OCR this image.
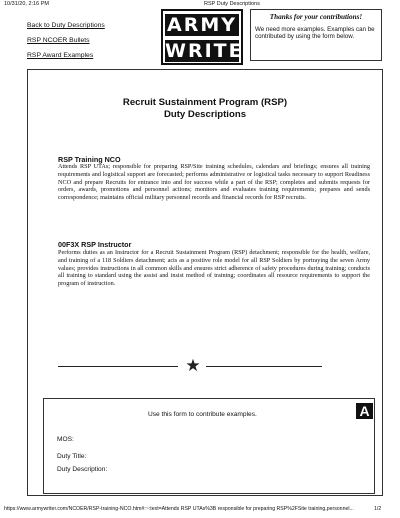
10/31/20, 2:16 PM	RSP Duty Descriptions
Back to Duty Descriptions
RSP NCOER Bullets
RSP Award Examples
ARMY
WRITER
Thanks for your contributions!
We need more examples. Examples can be contributed by using the form below.
Recruit Sustainment Program (RSP)
Duty Descriptions
RSP Training NCO

Attends RSP UTAs; responsible for preparing RSP/Site training schedules, calendars and briefings; ensures all training requirements and logistical support are forecasted; performs administrative or logistical tasks necessary to support Readiness NCO and prepare Recruits for entrance into and for success while a part of the RSP; completes and submits requests for orders, awards, promotions and personnel actions; monitors and evaluates training requirements; prepares and sends correspondence; maintains official military personnel records and financial records for RSP recruits.

00F3X RSP Instructor

Performs duties as an Instructor for a Recruit Sustainment Program (RSP) detachment; responsible for the health, welfare, and training of a 118 Soldiers detachment; acts as a positive role model for all RSP Soldiers by portraying the seven Army values; provides instructions in all common skills and ensures strict adherence of safety procedures during training; conducts all training to standard using the assist and insist method of training; coordinates all resource requirements to support the program of instruction.

★
Use this form to contribute examples.	A
MOS:
Duty Title:
Duty Description:
https://www.armywriter.com/NCOER/RSP-training-NCO.htm#:~:text=Attends RSP UTAs%3B responsible for preparing RSP%2FSite training,personnel...	1/2
